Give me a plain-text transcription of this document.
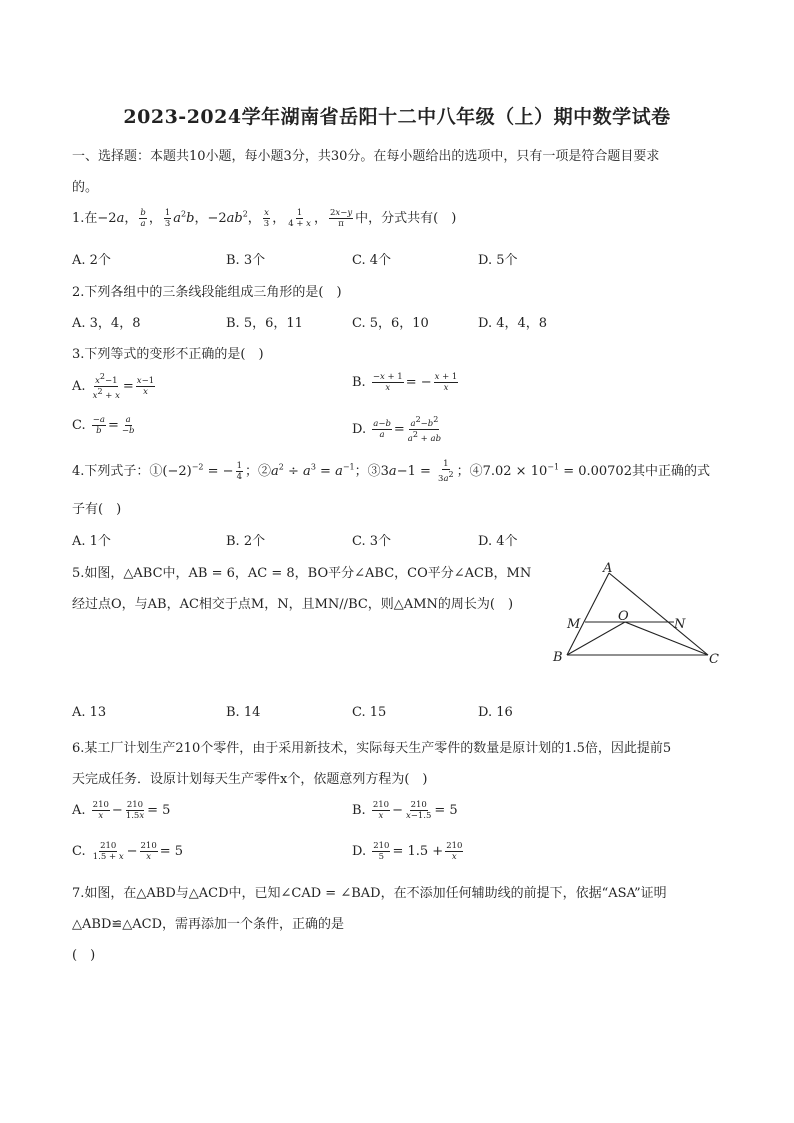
2023-2024学年湖南省岳阳十二中八年级（上）期中数学试卷
一、选择题：本题共10小题，每小题3分，共30分。在每小题给出的选项中，只有一项是符合题目要求
的。
1.在−2a， $\frac{b}{a}$ ， $\frac{1}{3} a^2b$，$-2ab^2$， $\frac{x}{3}$ ， $\frac{1}{4 + x}$ ， $\frac{2x-y}{\pi}$ 中，分式共有(　)
A. 2个	B. 3个	C. 4个	D. 5个
2.下列各组中的三条线段能组成三角形的是(　)
A. 3，4，8	B. 5，6，11	C. 5，6，10	D. 4，4，8
3.下列等式的变形不正确的是(　)
A. $\frac{x^2-1}{x^2 + x} = \frac{x-1}{x}$	B. $\frac{-x + 1}{x}$ = − $\frac{x + 1}{x}$
C. $\frac{-a}{b} = \frac{a}{-b}$	D. $\frac{a-b}{a} = \frac{a^2-b^2}{a^2 + ab}$
4.下列式子：$①(-2)^{-2}$ = − $\frac{1}{4}$ ；$②a^2 \div a^3 = a^{-1}$；③3a−1 = $\frac{1}{3a^2}$ ；④7.02 × $10^{-1} = 0.00702$其中正确的式
子有(　)
A. 1个	B. 2个	C. 3个	D. 4个
5.如图，△ABC中，AB = 6，AC = 8，BO平分∠ABC，CO平分∠ACB，MN
经过点O，与AB，AC相交于点M，N，且MN//BC，则△AMN的周长为(　)
A
B	C
M	N
O
A. 13	B. 14	C. 15	D. 16
6.某工厂计划生产210个零件，由于采用新技术，实际每天生产零件的数量是原计划的1.5倍，因此提前5
天完成任务．设原计划每天生产零件x个，依题意列方程为(　)
A. $\frac{210}{x} - \frac{210}{1.5x} = 5$	B. $\frac{210}{x} - \frac{210}{x-1.5} = 5$
C. $\frac{210}{1.5 + x} - \frac{210}{x} = 5$	D. $\frac{210}{5} = 1.5 + \frac{210}{x}$
7.如图，在△ABD与△ACD中，已知∠CAD = ∠BAD，在不添加任何辅助线的前提下，依据“ASA”证明
△ABD≌△ACD，需再添加一个条件，正确的是
(　)
